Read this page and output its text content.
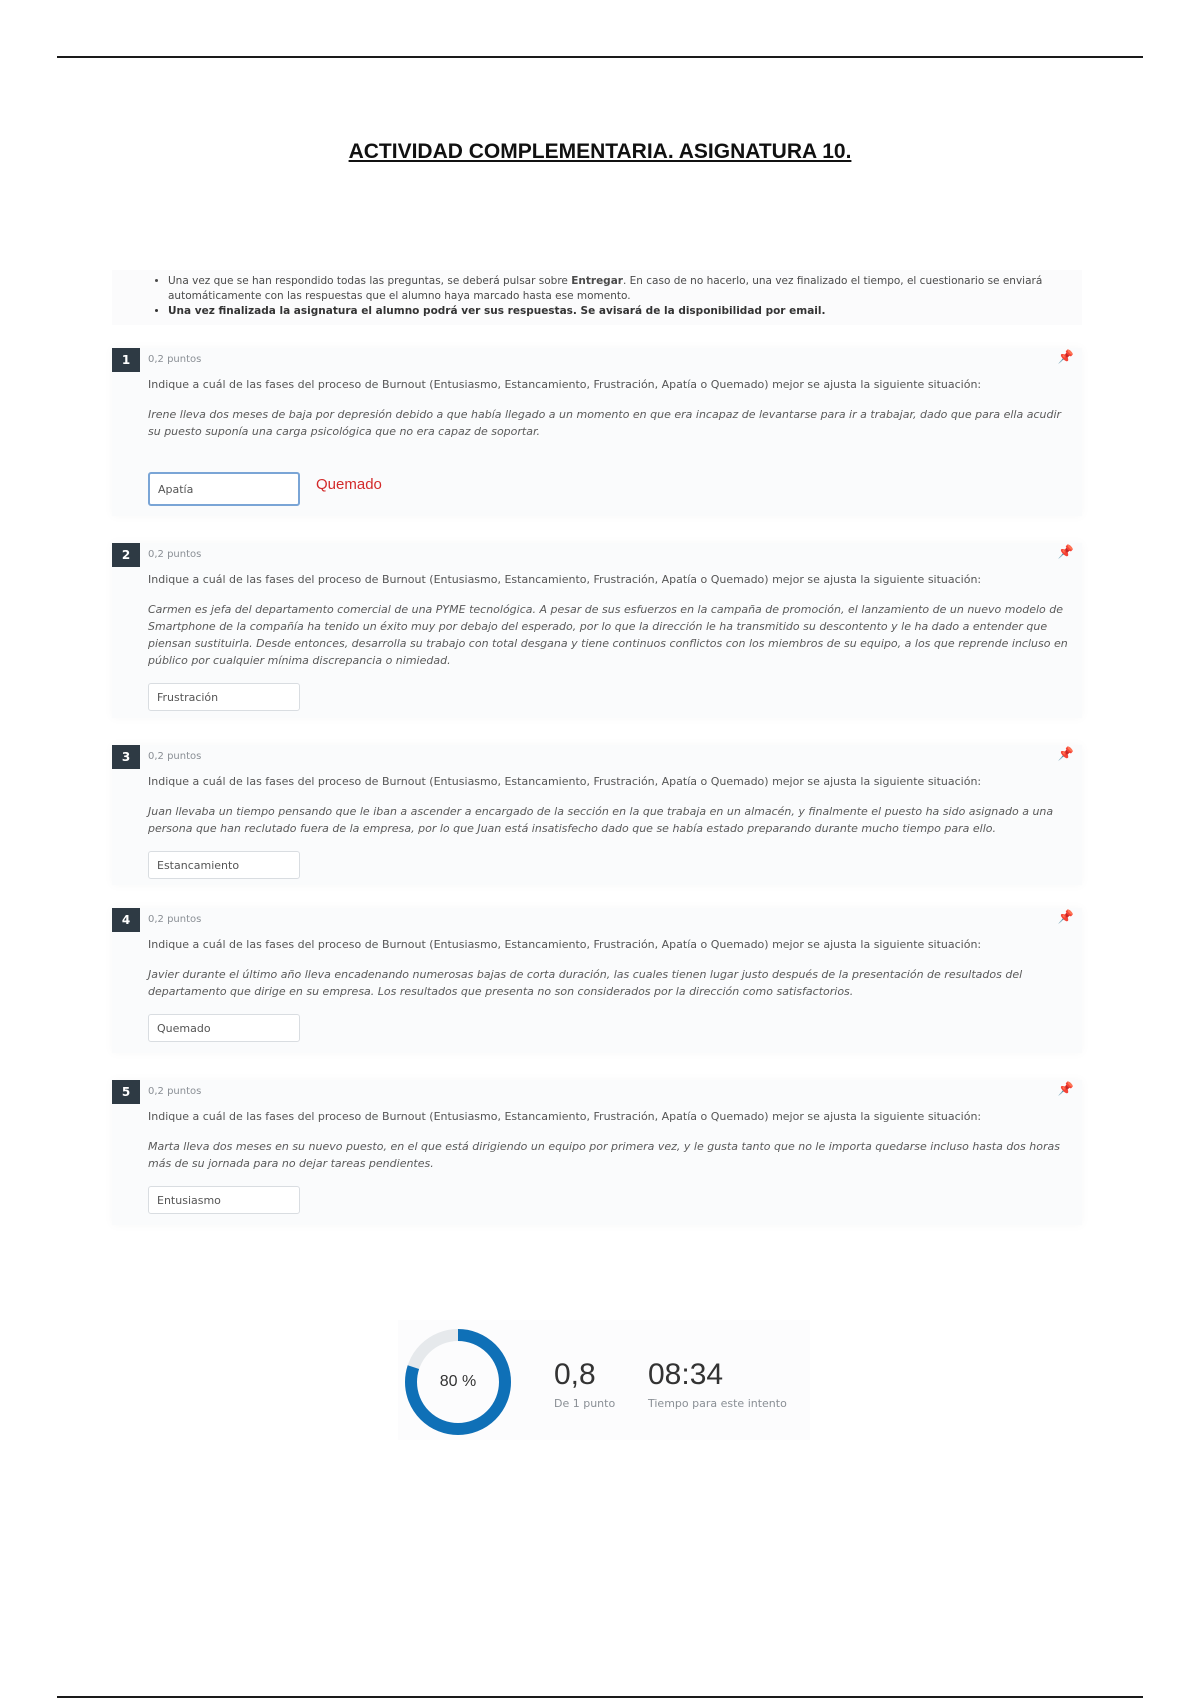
ACTIVIDAD COMPLEMENTARIA. ASIGNATURA 10.
• Una vez que se han respondido todas las preguntas, se deberá pulsar sobre Entregar. En caso de no hacerlo, una vez finalizado el tiempo, el cuestionario se enviará automáticamente con las respuestas que el alumno haya marcado hasta ese momento.
• Una vez finalizada la asignatura el alumno podrá ver sus respuestas. Se avisará de la disponibilidad por email.
1	0,2 puntos	📌
Indique a cuál de las fases del proceso de Burnout (Entusiasmo, Estancamiento, Frustración, Apatía o Quemado) mejor se ajusta la siguiente situación:
Irene lleva dos meses de baja por depresión debido a que había llegado a un momento en que era incapaz de levantarse para ir a trabajar, dado que para ella acudir su puesto suponía una carga psicológica que no era capaz de soportar.
Apatía	Quemado
2	0,2 puntos	📌
Indique a cuál de las fases del proceso de Burnout (Entusiasmo, Estancamiento, Frustración, Apatía o Quemado) mejor se ajusta la siguiente situación:
Carmen es jefa del departamento comercial de una PYME tecnológica. A pesar de sus esfuerzos en la campaña de promoción, el lanzamiento de un nuevo modelo de Smartphone de la compañía ha tenido un éxito muy por debajo del esperado, por lo que la dirección le ha transmitido su descontento y le ha dado a entender que piensan sustituirla. Desde entonces, desarrolla su trabajo con total desgana y tiene continuos conflictos con los miembros de su equipo, a los que reprende incluso en público por cualquier mínima discrepancia o nimiedad.
Frustración
3	0,2 puntos	📌
Indique a cuál de las fases del proceso de Burnout (Entusiasmo, Estancamiento, Frustración, Apatía o Quemado) mejor se ajusta la siguiente situación:
Juan llevaba un tiempo pensando que le iban a ascender a encargado de la sección en la que trabaja en un almacén, y finalmente el puesto ha sido asignado a una persona que han reclutado fuera de la empresa, por lo que Juan está insatisfecho dado que se había estado preparando durante mucho tiempo para ello.
Estancamiento
4	0,2 puntos	📌
Indique a cuál de las fases del proceso de Burnout (Entusiasmo, Estancamiento, Frustración, Apatía o Quemado) mejor se ajusta la siguiente situación:
Javier durante el último año lleva encadenando numerosas bajas de corta duración, las cuales tienen lugar justo después de la presentación de resultados del departamento que dirige en su empresa. Los resultados que presenta no son considerados por la dirección como satisfactorios.
Quemado
5	0,2 puntos	📌
Indique a cuál de las fases del proceso de Burnout (Entusiasmo, Estancamiento, Frustración, Apatía o Quemado) mejor se ajusta la siguiente situación:
Marta lleva dos meses en su nuevo puesto, en el que está dirigiendo un equipo por primera vez, y le gusta tanto que no le importa quedarse incluso hasta dos horas más de su jornada para no dejar tareas pendientes.
Entusiasmo
80 %	0,8
De 1 punto
08:34
Tiempo para este intento
